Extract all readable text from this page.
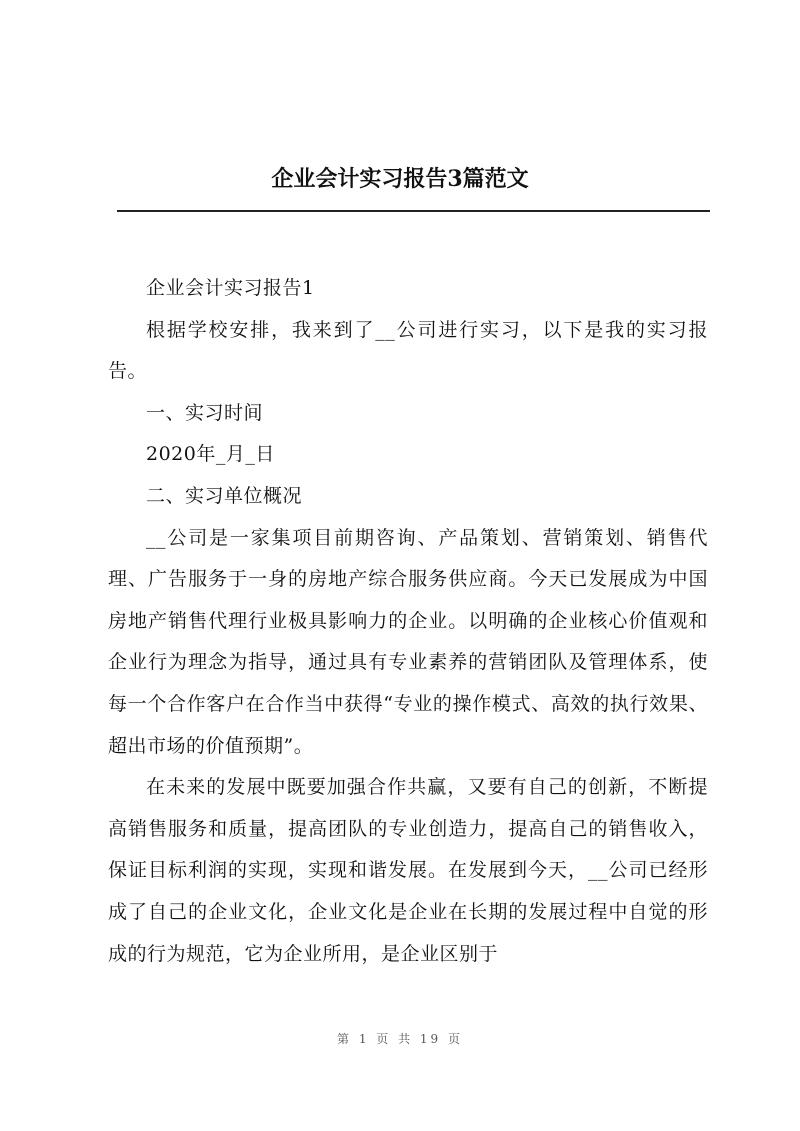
企业会计实习报告3篇范文

企业会计实习报告1

根据学校安排，我来到了__公司进行实习，以下是我的实习报告。

一、实习时间

2020年_月_日

二、实习单位概况

__公司是一家集项目前期咨询、产品策划、营销策划、销售代理、广告服务于一身的房地产综合服务供应商。今天已发展成为中国房地产销售代理行业极具影响力的企业。以明确的企业核心价值观和企业行为理念为指导，通过具有专业素养的营销团队及管理体系，使每一个合作客户在合作当中获得“专业的操作模式、高效的执行效果、超出市场的价值预期”。

在未来的发展中既要加强合作共赢，又要有自己的创新，不断提高销售服务和质量，提高团队的专业创造力，提高自己的销售收入，保证目标利润的实现，实现和谐发展。在发展到今天，__公司已经形成了自己的企业文化，企业文化是企业在长期的发展过程中自觉的形成的行为规范，它为企业所用，是企业区别于

第 1 页 共 19 页
